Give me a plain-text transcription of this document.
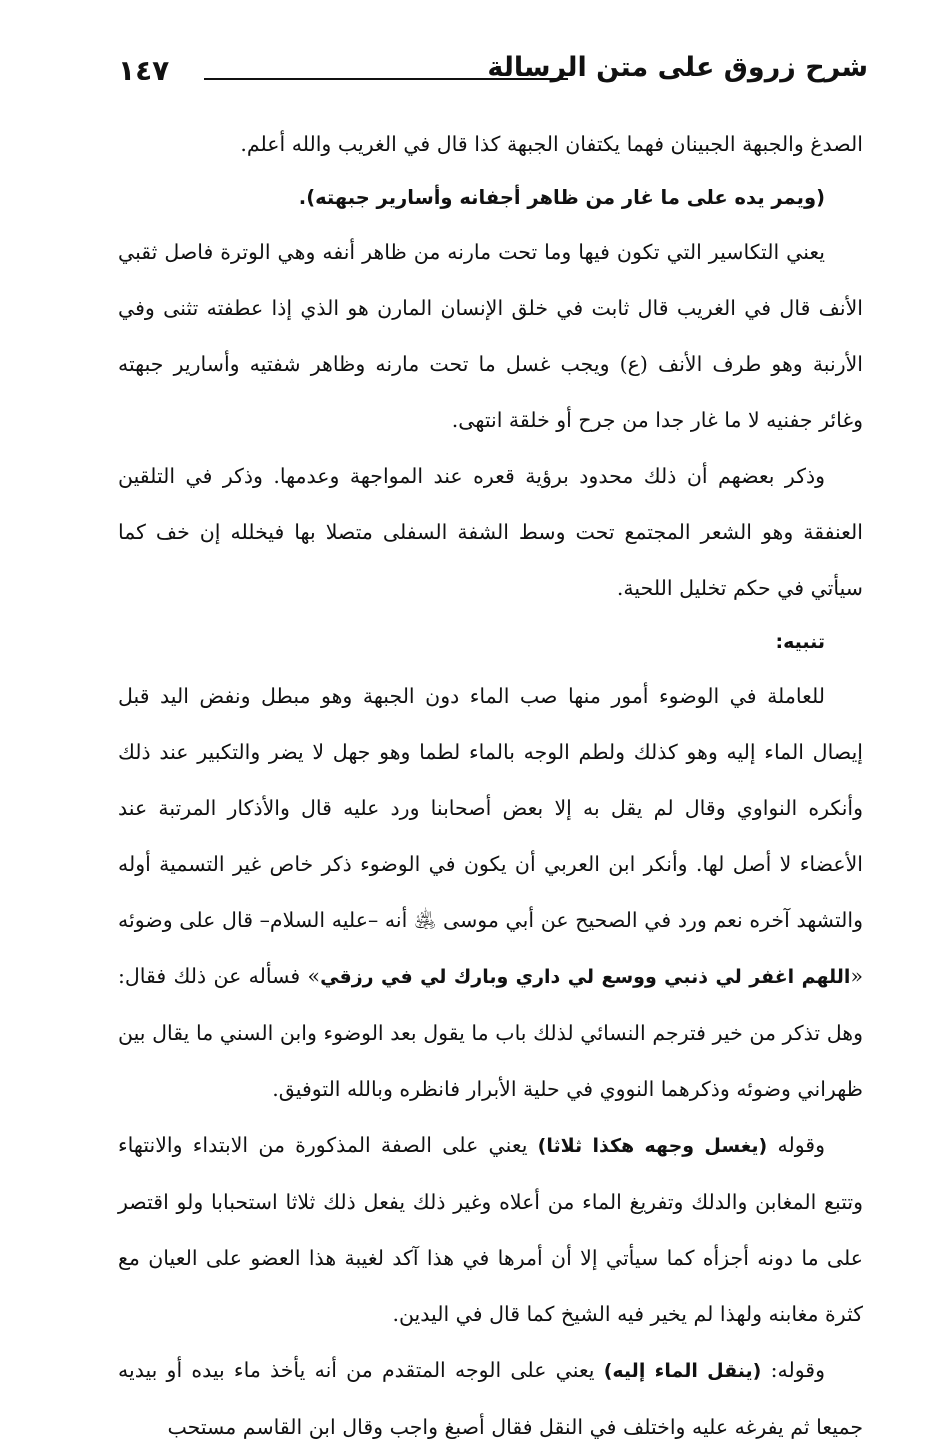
١٤٧	شرح زروق على متن الرسالة

الصدغ والجبهة الجبينان فهما يكتفان الجبهة كذا قال في الغريب والله أعلم.

(ويمر يده على ما غار من ظاهر أجفانه وأسارير جبهته).

يعني التكاسير التي تكون فيها وما تحت مارنه من ظاهر أنفه وهي الوترة فاصل ثقبي الأنف قال في الغريب قال ثابت في خلق الإنسان المارن هو الذي إذا عطفته تثنى وفي الأرنبة وهو طرف الأنف (ع) ويجب غسل ما تحت مارنه وظاهر شفتيه وأسارير جبهته وغائر جفنيه لا ما غار جدا من جرح أو خلقة انتهى.

وذكر بعضهم أن ذلك محدود برؤية قعره عند المواجهة وعدمها. وذكر في التلقين العنفقة وهو الشعر المجتمع تحت وسط الشفة السفلى متصلا بها فيخلله إن خف كما سيأتي في حكم تخليل اللحية.

تنبيه:

للعاملة في الوضوء أمور منها صب الماء دون الجبهة وهو مبطل ونفض اليد قبل إيصال الماء إليه وهو كذلك ولطم الوجه بالماء لطما وهو جهل لا يضر والتكبير عند ذلك وأنكره النواوي وقال لم يقل به إلا بعض أصحابنا ورد عليه قال والأذكار المرتبة عند الأعضاء لا أصل لها. وأنكر ابن العربي أن يكون في الوضوء ذكر خاص غير التسمية أوله والتشهد آخره نعم ورد في الصحيح عن أبي موسى ﵁ أنه –عليه السلام– قال على وضوئه «اللهم اغفر لي ذنبي ووسع لي داري وبارك لي في رزقي» فسأله عن ذلك فقال: وهل تذكر من خير فترجم النسائي لذلك باب ما يقول بعد الوضوء وابن السني ما يقال بين ظهراني وضوئه وذكرهما النووي في حلية الأبرار فانظره وبالله التوفيق.

وقوله (يغسل وجهه هكذا ثلاثا) يعني على الصفة المذكورة من الابتداء والانتهاء وتتبع المغابن والدلك وتفريغ الماء من أعلاه وغير ذلك يفعل ذلك ثلاثا استحبابا ولو اقتصر على ما دونه أجزأه كما سيأتي إلا أن أمرها في هذا آكد لغيبة هذا العضو على العيان مع كثرة مغابنه ولهذا لم يخير فيه الشيخ كما قال في اليدين.

وقوله: (ينقل الماء إليه) يعني على الوجه المتقدم من أنه يأخذ ماء بيده أو بيديه جميعا ثم يفرغه عليه واختلف في النقل فقال أصبغ واجب وقال ابن القاسم مستحب
